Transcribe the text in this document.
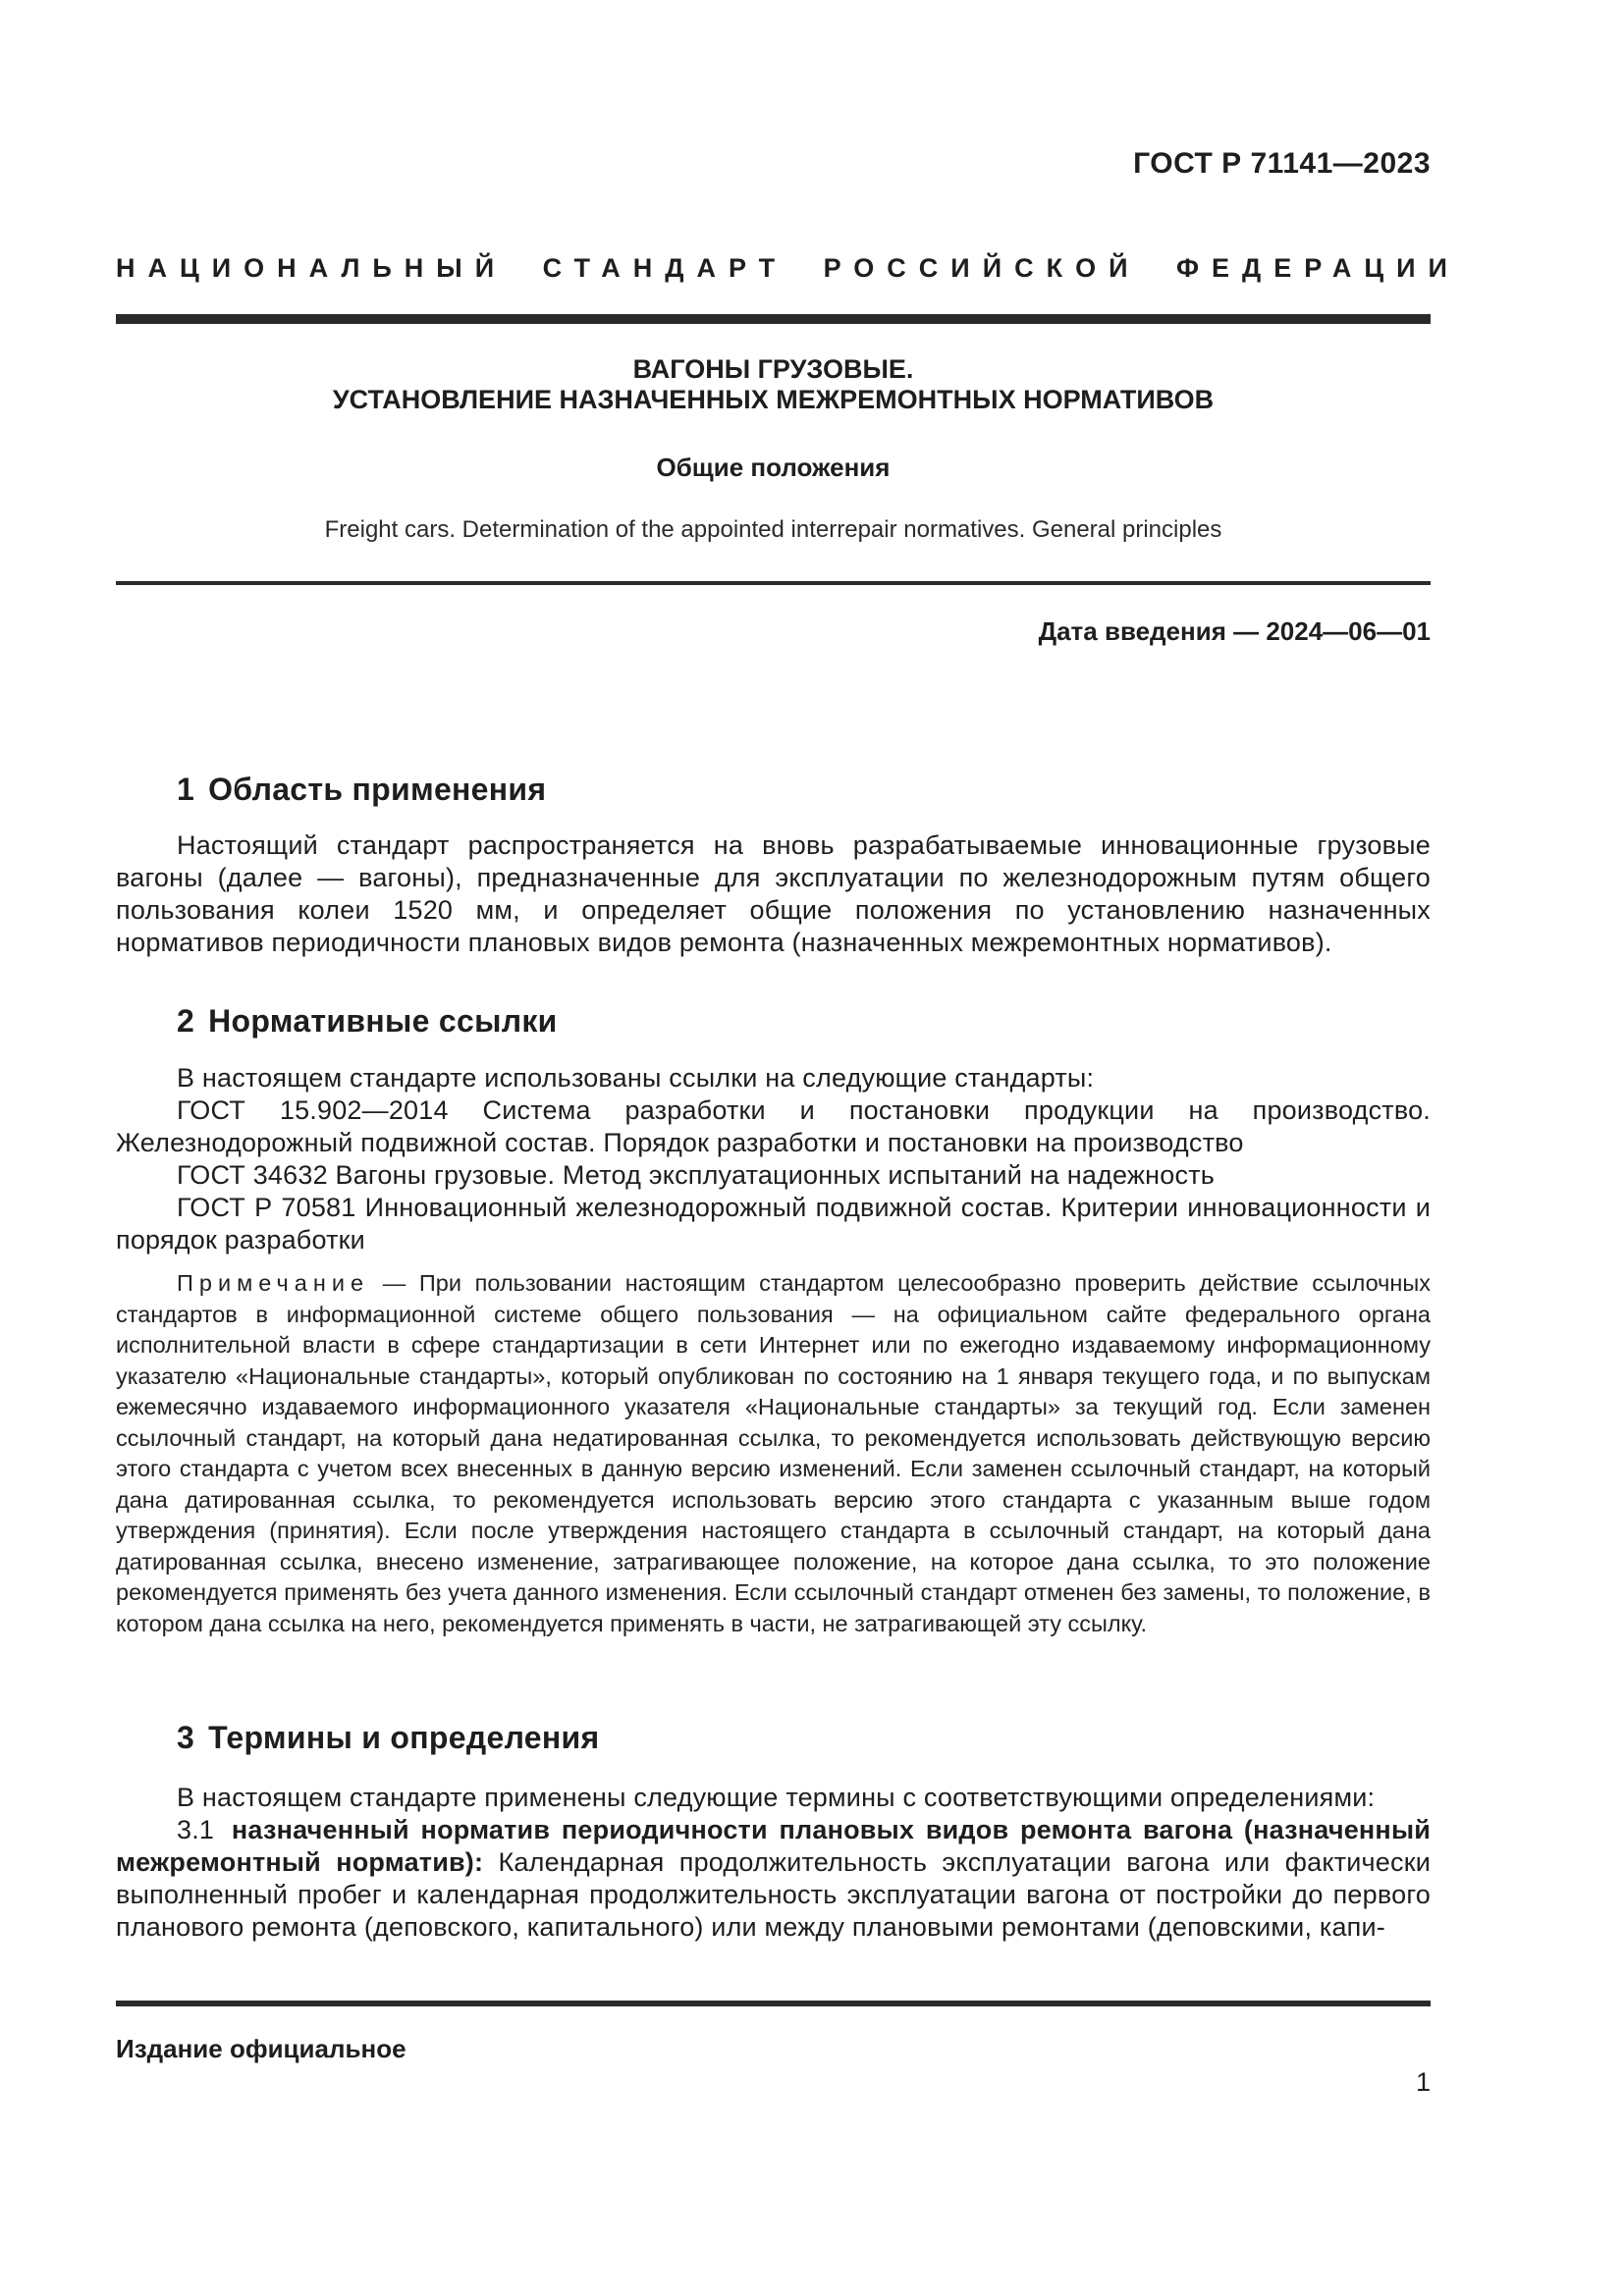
ГОСТ Р 71141—2023
НАЦИОНАЛЬНЫЙ СТАНДАРТ РОССИЙСКОЙ ФЕДЕРАЦИИ
ВАГОНЫ ГРУЗОВЫЕ.
УСТАНОВЛЕНИЕ НАЗНАЧЕННЫХ МЕЖРЕМОНТНЫХ НОРМАТИВОВ
Общие положения
Freight cars. Determination of the appointed interrepair normatives. General principles
Дата введения — 2024—06—01
1 Область применения

Настоящий стандарт распространяется на вновь разрабатываемые инновационные грузовые вагоны (далее — вагоны), предназначенные для эксплуатации по железнодорожным путям общего пользования колеи 1520 мм, и определяет общие положения по установлению назначенных нормативов периодичности плановых видов ремонта (назначенных межремонтных нормативов).

2 Нормативные ссылки

В настоящем стандарте использованы ссылки на следующие стандарты:

ГОСТ 15.902—2014 Система разработки и постановки продукции на производство. Железнодорожный подвижной состав. Порядок разработки и постановки на производство

ГОСТ 34632 Вагоны грузовые. Метод эксплуатационных испытаний на надежность

ГОСТ Р 70581 Инновационный железнодорожный подвижной состав. Критерии инновационности и порядок разработки

Примечание — При пользовании настоящим стандартом целесообразно проверить действие ссылочных стандартов в информационной системе общего пользования — на официальном сайте федерального органа исполнительной власти в сфере стандартизации в сети Интернет или по ежегодно издаваемому информационному указателю «Национальные стандарты», который опубликован по состоянию на 1 января текущего года, и по выпускам ежемесячно издаваемого информационного указателя «Национальные стандарты» за текущий год. Если заменен ссылочный стандарт, на который дана недатированная ссылка, то рекомендуется использовать действующую версию этого стандарта с учетом всех внесенных в данную версию изменений. Если заменен ссылочный стандарт, на который дана датированная ссылка, то рекомендуется использовать версию этого стандарта с указанным выше годом утверждения (принятия). Если после утверждения настоящего стандарта в ссылочный стандарт, на который дана датированная ссылка, внесено изменение, затрагивающее положение, на которое дана ссылка, то это положение рекомендуется применять без учета данного изменения. Если ссылочный стандарт отменен без замены, то положение, в котором дана ссылка на него, рекомендуется применять в части, не затрагивающей эту ссылку.
3 Термины и определения

В настоящем стандарте применены следующие термины с соответствующими определениями:

3.1 назначенный норматив периодичности плановых видов ремонта вагона (назначенный межремонтный норматив): Календарная продолжительность эксплуатации вагона или фактически выполненный пробег и календарная продолжительность эксплуатации вагона от постройки до первого планового ремонта (деповского, капитального) или между плановыми ремонтами (деповскими, капи-

Издание официальное
1
